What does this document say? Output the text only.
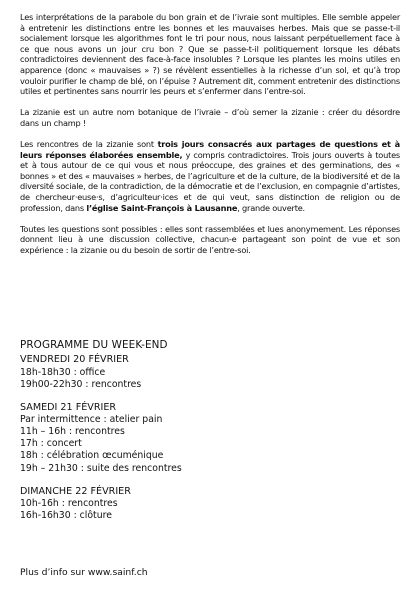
Les interprétations de la parabole du bon grain et de l’ivraie sont multiples. Elle semble appeler à entretenir les distinctions entre les bonnes et les mauvaises herbes. Mais que se passe-t-il socialement lorsque les algorithmes font le tri pour nous, nous laissant perpétuellement face à ce que nous avons un jour cru bon ? Que se passe-t-il politiquement lorsque les débats contradictoires deviennent des face-à-face insolubles ? Lorsque les plantes les moins utiles en apparence (donc « mauvaises » ?) se révèlent essentielles à la richesse d’un sol, et qu’à trop vouloir purifier le champ de blé, on l’épuise ? Autrement dit, comment entretenir des distinctions utiles et pertinentes sans nourrir les peurs et s’enfermer dans l’entre-soi.

La zizanie est un autre nom botanique de l’ivraie – d’où semer la zizanie : créer du désordre dans un champ !

Les rencontres de la zizanie sont trois jours consacrés aux partages de questions et à leurs réponses élaborées ensemble, y compris contradictoires. Trois jours ouverts à toutes et à tous autour de ce qui vous et nous préoccupe, des graines et des germinations, des « bonnes » et des « mauvaises » herbes, de l’agriculture et de la culture, de la biodiversité et de la diversité sociale, de la contradiction, de la démocratie et de l’exclusion, en compagnie d’artistes, de chercheur·euse·s, d’agriculteur·ices et de qui veut, sans distinction de religion ou de profession, dans l’église Saint-François à Lausanne, grande ouverte.

Toutes les questions sont possibles : elles sont rassemblées et lues anonymement. Les réponses donnent lieu à une discussion collective, chacun-e partageant son point de vue et son expérience : la zizanie ou du besoin de sortir de l’entre-soi.

PROGRAMME DU WEEK-END
VENDREDI 20 FÉVRIER
18h-18h30 : office
19h00-22h30 : rencontres
SAMEDI 21 FÉVRIER
Par intermittence : atelier pain
11h – 16h : rencontres
17h : concert
18h : célébration œcuménique
19h – 21h30 : suite des rencontres
DIMANCHE 22 FÉVRIER
10h-16h : rencontres
16h-16h30 : clôture
Plus d’info sur www.sainf.ch
